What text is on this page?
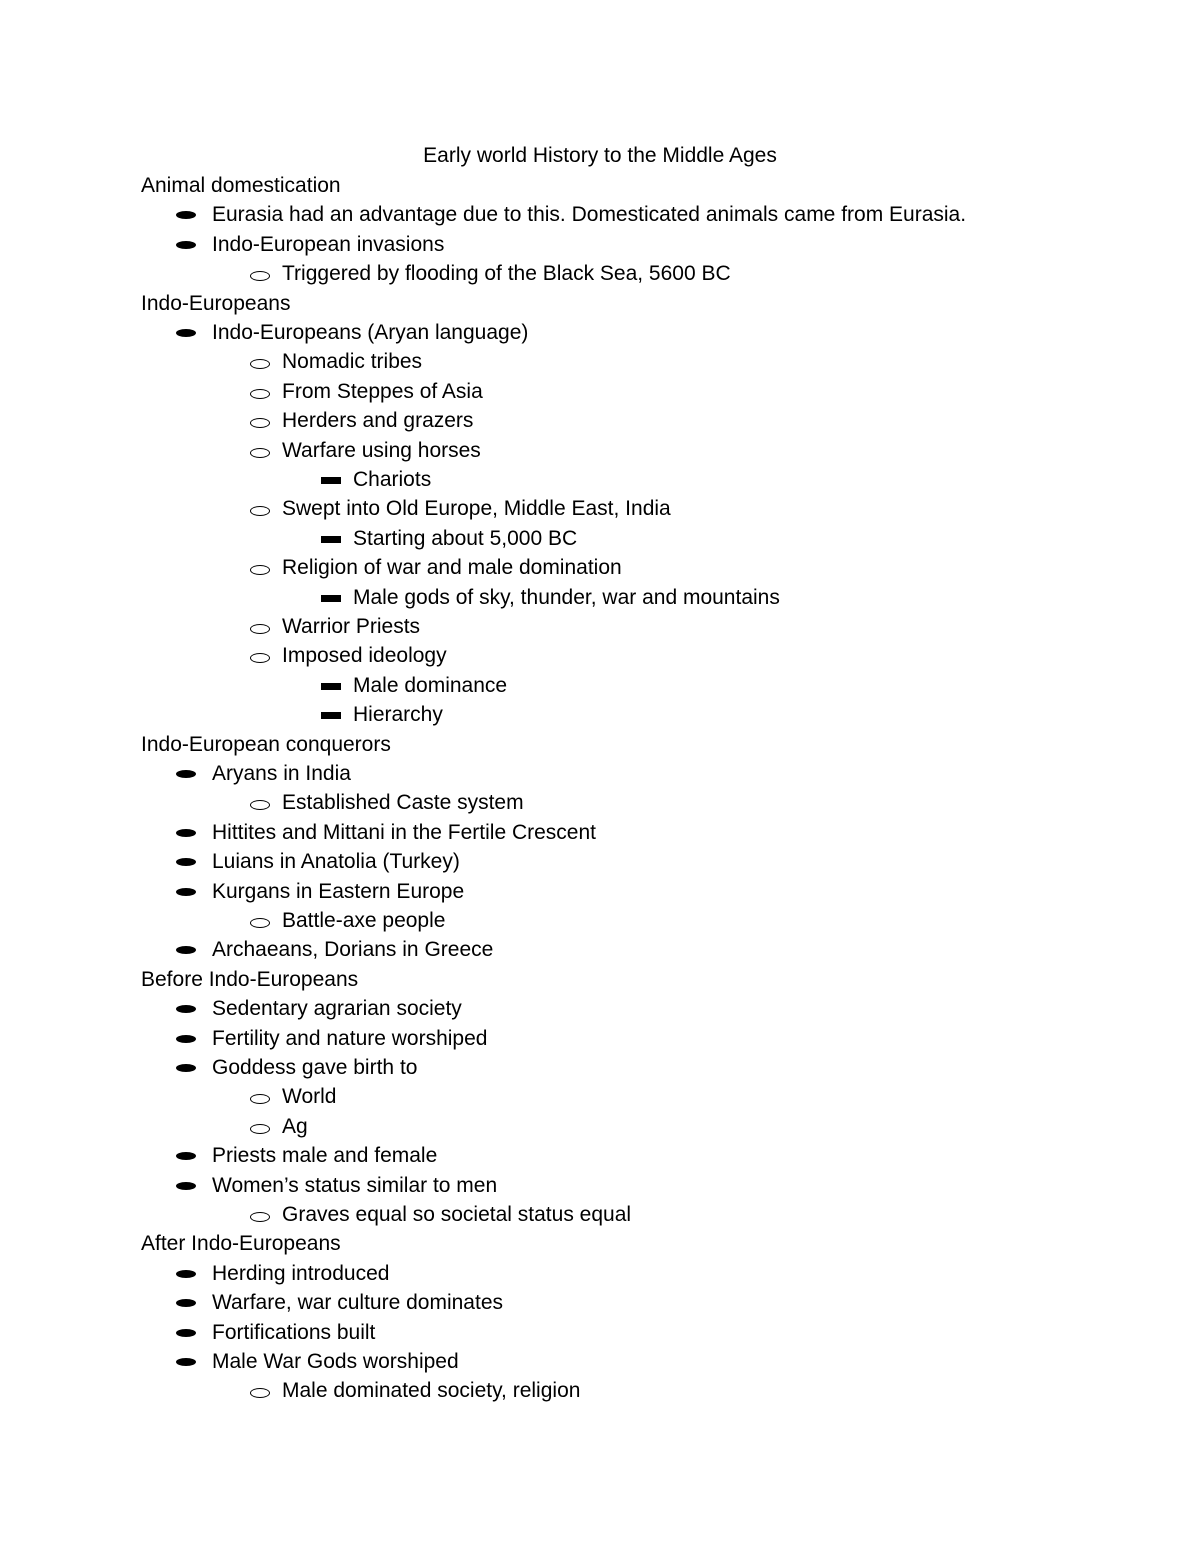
Early world History to the Middle Ages
Animal domestication
Eurasia had an advantage due to this. Domesticated animals came from Eurasia.
Indo-European invasions
Triggered by flooding of the Black Sea, 5600 BC
Indo-Europeans
Indo-Europeans (Aryan language)
Nomadic tribes
From Steppes of Asia
Herders and grazers
Warfare using horses
Chariots
Swept into Old Europe, Middle East, India
Starting about 5,000 BC
Religion of war and male domination
Male gods of sky, thunder, war and mountains
Warrior Priests
Imposed ideology
Male dominance
Hierarchy
Indo-European conquerors
Aryans in India
Established Caste system
Hittites and Mittani in the Fertile Crescent
Luians in Anatolia (Turkey)
Kurgans in Eastern Europe
Battle-axe people
Archaeans, Dorians in Greece
Before Indo-Europeans
Sedentary agrarian society
Fertility and nature worshiped
Goddess gave birth to
World
Ag
Priests male and female
Women’s status similar to men
Graves equal so societal status equal
After Indo-Europeans
Herding introduced
Warfare, war culture dominates
Fortifications built
Male War Gods worshiped
Male dominated society, religion
